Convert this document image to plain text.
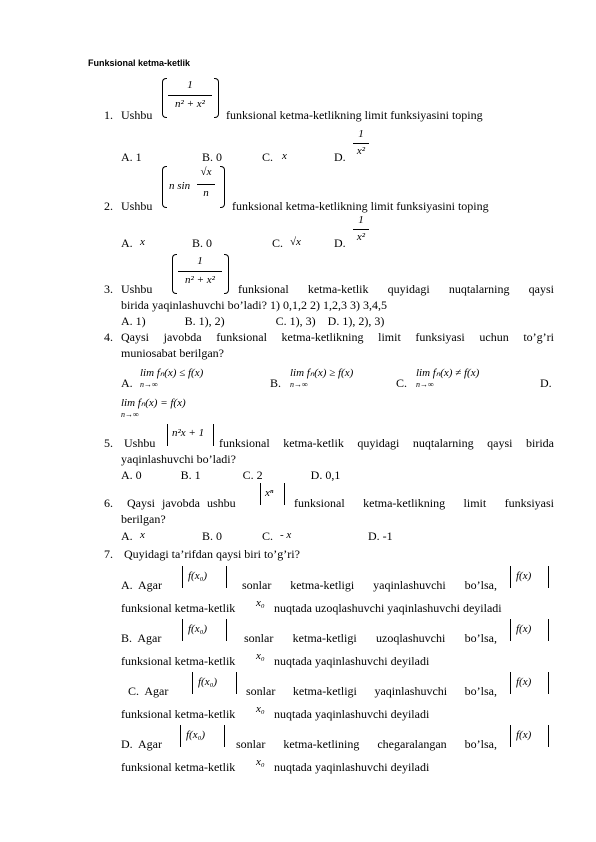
Funksional ketma-ketlik
1. Ushbu
1
n² + x²
funksional ketma-ketlikning limit funksiyasini toping
A. 1	B. 0	C. x	D.
1
x²
2. Ushbu
n sin
√x
n
funksional ketma-ketlikning limit funksiyasini toping
A. x	B. 0	C. √x	D.
1
x²
3. Ushbu
1
n² + x²
funksional ketma-ketlik quyidagi nuqtalarning qaysi
birida yaqinlashuvchi bo’ladi? 1) 0,1,2 2) 1,2,3 3) 3,4,5
A. 1)             B. 1), 2)                 C. 1), 3)    D. 1), 2), 3)
4. Qaysi javobda funksional ketma-ketlikning limit funksiyasi uchun to’g’ri
muniosabat berilgan?
A.
lim fₙ(x) ≤ f(x)
n→∞	B.
lim fₙ(x) ≥ f(x)
n→∞	C.
lim fₙ(x) ≠ f(x)
n→∞	D.
lim fₙ(x) = f(x)
n→∞
5. Ushbu
n²x + 1
funksional ketma-ketlik quyidagi nuqtalarning qaysi birida
yaqinlashuvchi bo’ladi?
A. 0             B. 1              C. 2                D. 0,1
6. Qaysi javobda ushbu
xⁿ
funksional ketma-ketlikning limit funksiyasi
berilgan?
A. x	B. 0	C. - x	D. -1
7. Quyidagi ta’rifdan qaysi biri to’g’ri?
A.  Agar
f(x₀)
sonlar ketma-ketligi yaqinlashuvchi bo’lsa,
f(x)
funksional ketma-ketlik x₀ nuqtada uzoqlashuvchi yaqinlashuvchi deyiladi
B.  Agar
f(x₀)
sonlar ketma-ketligi uzoqlashuvchi bo’lsa,
f(x)
funksional ketma-ketlik x₀ nuqtada yaqinlashuvchi deyiladi
C.  Agar
f(x₀)
sonlar ketma-ketligi yaqinlashuvchi bo’lsa,
f(x)
funksional ketma-ketlik x₀ nuqtada yaqinlashuvchi deyiladi
D.  Agar
f(x₀)
sonlar ketma-ketlining chegaralangan bo’lsa,
f(x)
funksional ketma-ketlik x₀ nuqtada yaqinlashuvchi deyiladi
